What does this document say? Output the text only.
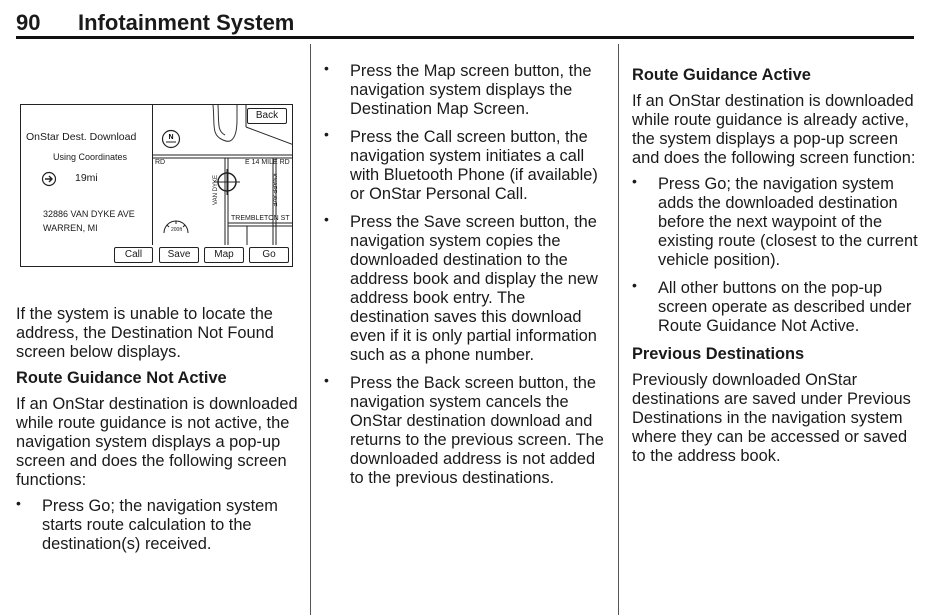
90 Infotainment System
Back
OnStar Dest. Download
Using Coordinates
N
19mi
32886 VAN DYKE AVE
WARREN, MI
RD	E 14 MILE RD
VAN DYKE	KNAPP AVE
TREMBLETON ST
200ft
Call	Save	Map	Go

If the system is unable to locate the address, the Destination Not Found screen below displays.

Route Guidance Not Active

If an OnStar destination is downloaded while route guidance is not active, the navigation system displays a pop-up screen and does the following screen functions:

• Press Go; the navigation system starts route calculation to the destination(s) received.
• Press the Map screen button, the navigation system displays the Destination Map Screen.
• Press the Call screen button, the navigation system initiates a call with Bluetooth Phone (if available) or OnStar Personal Call.
• Press the Save screen button, the navigation system copies the downloaded destination to the address book and display the new address book entry. The destination saves this download even if it is only partial information such as a phone number.
• Press the Back screen button, the navigation system cancels the OnStar destination download and returns to the previous screen. The downloaded address is not added to the previous destinations.
Route Guidance Active

If an OnStar destination is downloaded while route guidance is already active, the system displays a pop-up screen and does the following screen function:

• Press Go; the navigation system adds the downloaded destination before the next waypoint of the existing route (closest to the current vehicle position).
• All other buttons on the pop-up screen operate as described under Route Guidance Not Active.
Previous Destinations

Previously downloaded OnStar destinations are saved under Previous Destinations in the navigation system where they can be accessed or saved to the address book.
